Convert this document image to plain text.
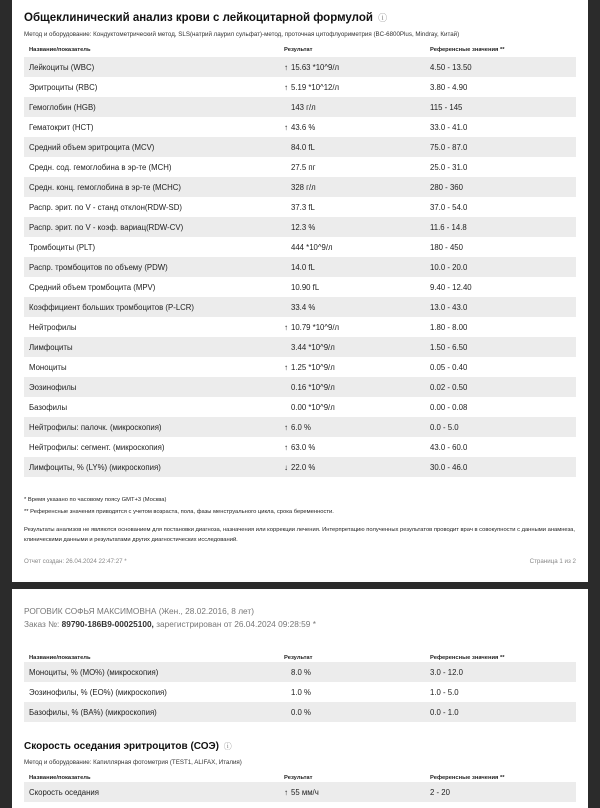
Общеклинический анализ крови с лейкоцитарной формулой ⓘ
Метод и оборудование: Кондуктометрический метод, SLS(натрий лаурил сульфат)-метод, проточная цитофлуориметрия (BC-6800Plus, Mindray, Китай)
Название/показатель	Результат	Референсные значения **
Лейкоциты (WBC)	↑ 15.63 *10^9/л	4.50 - 13.50
Эритроциты (RBC)	↑ 5.19 *10^12/л	3.80 - 4.90
Гемоглобин (HGB)	143 г/л	115 - 145
Гематокрит (HCT)	↑ 43.6 %	33.0 - 41.0
Средний объем эритроцита (MCV)	84.0 fL	75.0 - 87.0
Средн. сод. гемоглобина в эр-те (MCH)	27.5 пг	25.0 - 31.0
Средн. конц. гемоглобина в эр-те (MCHC)	328 г/л	280 - 360
Распр. эрит. по V - станд отклон(RDW-SD)	37.3 fL	37.0 - 54.0
Распр. эрит. по V - коэф. вариац(RDW-CV)	12.3 %	11.6 - 14.8
Тромбоциты (PLT)	444 *10^9/л	180 - 450
Распр. тромбоцитов по объему (PDW)	14.0 fL	10.0 - 20.0
Средний объем тромбоцита (MPV)	10.90 fL	9.40 - 12.40
Коэффициент больших тромбоцитов (P-LCR)	33.4 %	13.0 - 43.0
Нейтрофилы	↑ 10.79 *10^9/л	1.80 - 8.00
Лимфоциты	3.44 *10^9/л	1.50 - 6.50
Моноциты	↑ 1.25 *10^9/л	0.05 - 0.40
Эозинофилы	0.16 *10^9/л	0.02 - 0.50
Базофилы	0.00 *10^9/л	0.00 - 0.08
Нейтрофилы: палочк. (микроскопия)	↑ 6.0 %	0.0 - 5.0
Нейтрофилы: сегмент. (микроскопия)	↑ 63.0 %	43.0 - 60.0
Лимфоциты, % (LY%) (микроскопия)	↓ 22.0 %	30.0 - 46.0
* Время указано по часовому поясу GMT+3 (Москва)
** Референсные значения приводятся с учетом возраста, пола, фазы менструального цикла, срока беременности.
Результаты анализов не являются основанием для постановки диагноза, назначения или коррекции лечения. Интерпретацию полученных результатов проводит врач в совокупности с данными анамнеза, клиническими данными и результатами других диагностических исследований.
Отчет создан: 26.04.2024 22:47:27 *	Страница 1 из 2
РОГОВИК СОФЬЯ МАКСИМОВНА (Жен., 28.02.2016, 8 лет)
Заказ №: 89790-186B9-00025100, зарегистрирован от 26.04.2024 09:28:59 *
Название/показатель	Результат	Референсные значения **
Моноциты, % (MO%) (микроскопия)	8.0 %	3.0 - 12.0
Эозинофилы, % (EO%) (микроскопия)	1.0 %	1.0 - 5.0
Базофилы, % (BA%) (микроскопия)	0.0 %	0.0 - 1.0
Скорость оседания эритроцитов (СОЭ) ⓘ
Метод и оборудование: Капиллярная фотометрия (TEST1, ALIFAX, Италия)
Название/показатель	Результат	Референсные значения **
Скорость оседания	↑ 55 мм/ч	2 - 20
